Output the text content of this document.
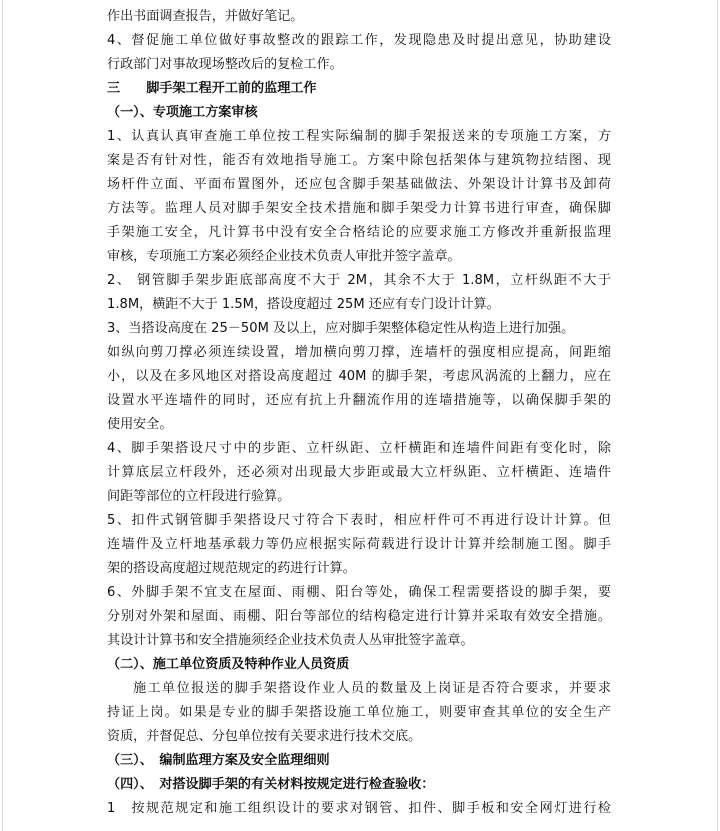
作出书面调查报告，并做好笔记。
4、督促施工单位做好事故整改的跟踪工作，发现隐患及时提出意见，协助建设
行政部门对事故现场整改后的复检工作。
三　　脚手架工程开工前的监理工作
（一）、专项施工方案审核
1、认真认真审查施工单位按工程实际编制的脚手架报送来的专项施工方案，方
案是否有针对性，能否有效地指导施工。方案中除包括架体与建筑物拉结图、现
场杆件立面、平面布置图外，还应包含脚手架基础做法、外架设计计算书及卸荷
方法等。监理人员对脚手架安全技术措施和脚手架受力计算书进行审查，确保脚
手架施工安全，凡计算书中没有安全合格结论的应要求施工方修改并重新报监理
审核，专项施工方案必须经企业技术负责人审批并签字盖章。
2、 钢管脚手架步距底部高度不大于 2M，其余不大于 1.8M，立杆纵距不大于
1.8M，横距不大于 1.5M，搭设度超过 25M 还应有专门设计计算。
3、当搭设高度在 25－50M 及以上，应对脚手架整体稳定性从构造上进行加强。
如纵向剪刀撑必须连续设置，增加横向剪刀撑，连墙杆的强度相应提高，间距缩
小，以及在多风地区对搭设高度超过 40M 的脚手架，考虑风涡流的上翻力，应在
设置水平连墙件的同时，还应有抗上升翻流作用的连墙措施等，以确保脚手架的
使用安全。
4、脚手架搭设尺寸中的步距、立杆纵距、立杆横距和连墙件间距有变化时，除
计算底层立杆段外，还必须对出现最大步距或最大立杆纵距、立杆横距、连墙件
间距等部位的立杆段进行验算。
5、扣件式钢管脚手架搭设尺寸符合下表时，相应杆件可不再进行设计计算。但
连墙件及立杆地基承载力等仍应根据实际荷载进行设计计算并绘制施工图。脚手
架的搭设高度超过规范规定的药进行计算。
6、外脚手架不宜支在屋面、雨棚、阳台等处，确保工程需要搭设的脚手架，要
分别对外架和屋面、雨棚、阳台等部位的结构稳定进行计算并采取有效安全措施。
其设计计算书和安全措施须经企业技术负责人丛审批签字盖章。
（二）、施工单位资质及特种作业人员资质
施工单位报送的脚手架搭设作业人员的数量及上岗证是否符合要求，并要求
持证上岗。如果是专业的脚手架搭设施工单位施工，则要审查其单位的安全生产
资质，并督促总、分包单位按有关要求进行技术交底。
（三）、　编制监理方案及安全监理细则
（四）、　对搭设脚手架的有关材料按规定进行检查验收：
1　按规范规定和施工组织设计的要求对钢管、扣件、脚手板和安全网灯进行检
